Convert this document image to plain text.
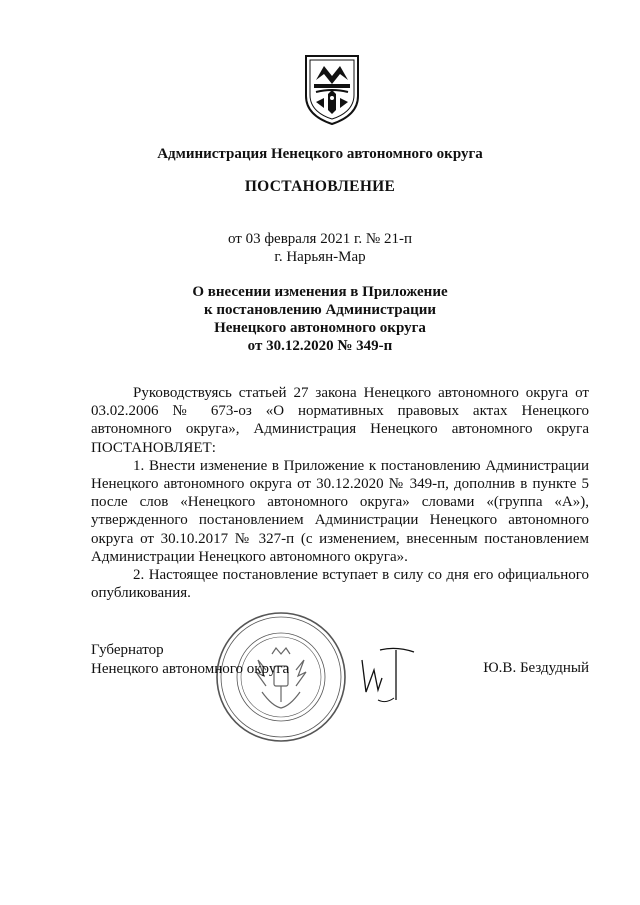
Администрация Ненецкого автономного округа
ПОСТАНОВЛЕНИЕ
от 03 февраля 2021 г. № 21-п
г. Нарьян-Мар
О внесении изменения в Приложение
к постановлению Администрации
Ненецкого автономного округа
от 30.12.2020 № 349-п

Руководствуясь статьей 27 закона Ненецкого автономного округа от 03.02.2006 № 673-оз «О нормативных правовых актах Ненецкого автономного округа», Администрация Ненецкого автономного округа ПОСТАНОВЛЯЕТ:

1. Внести изменение в Приложение к постановлению Администрации Ненецкого автономного округа от 30.12.2020 № 349-п, дополнив в пункте 5 после слов «Ненецкого автономного округа» словами «(группа «А»), утвержденного постановлением Администрации Ненецкого автономного округа от 30.10.2017 № 327-п (с изменением, внесенным постановлением Администрации Ненецкого автономного округа».

2. Настоящее постановление вступает в силу со дня его официального опубликования.

Губернатор
Ненецкого автономного округа	Ю.В. Бездудный
